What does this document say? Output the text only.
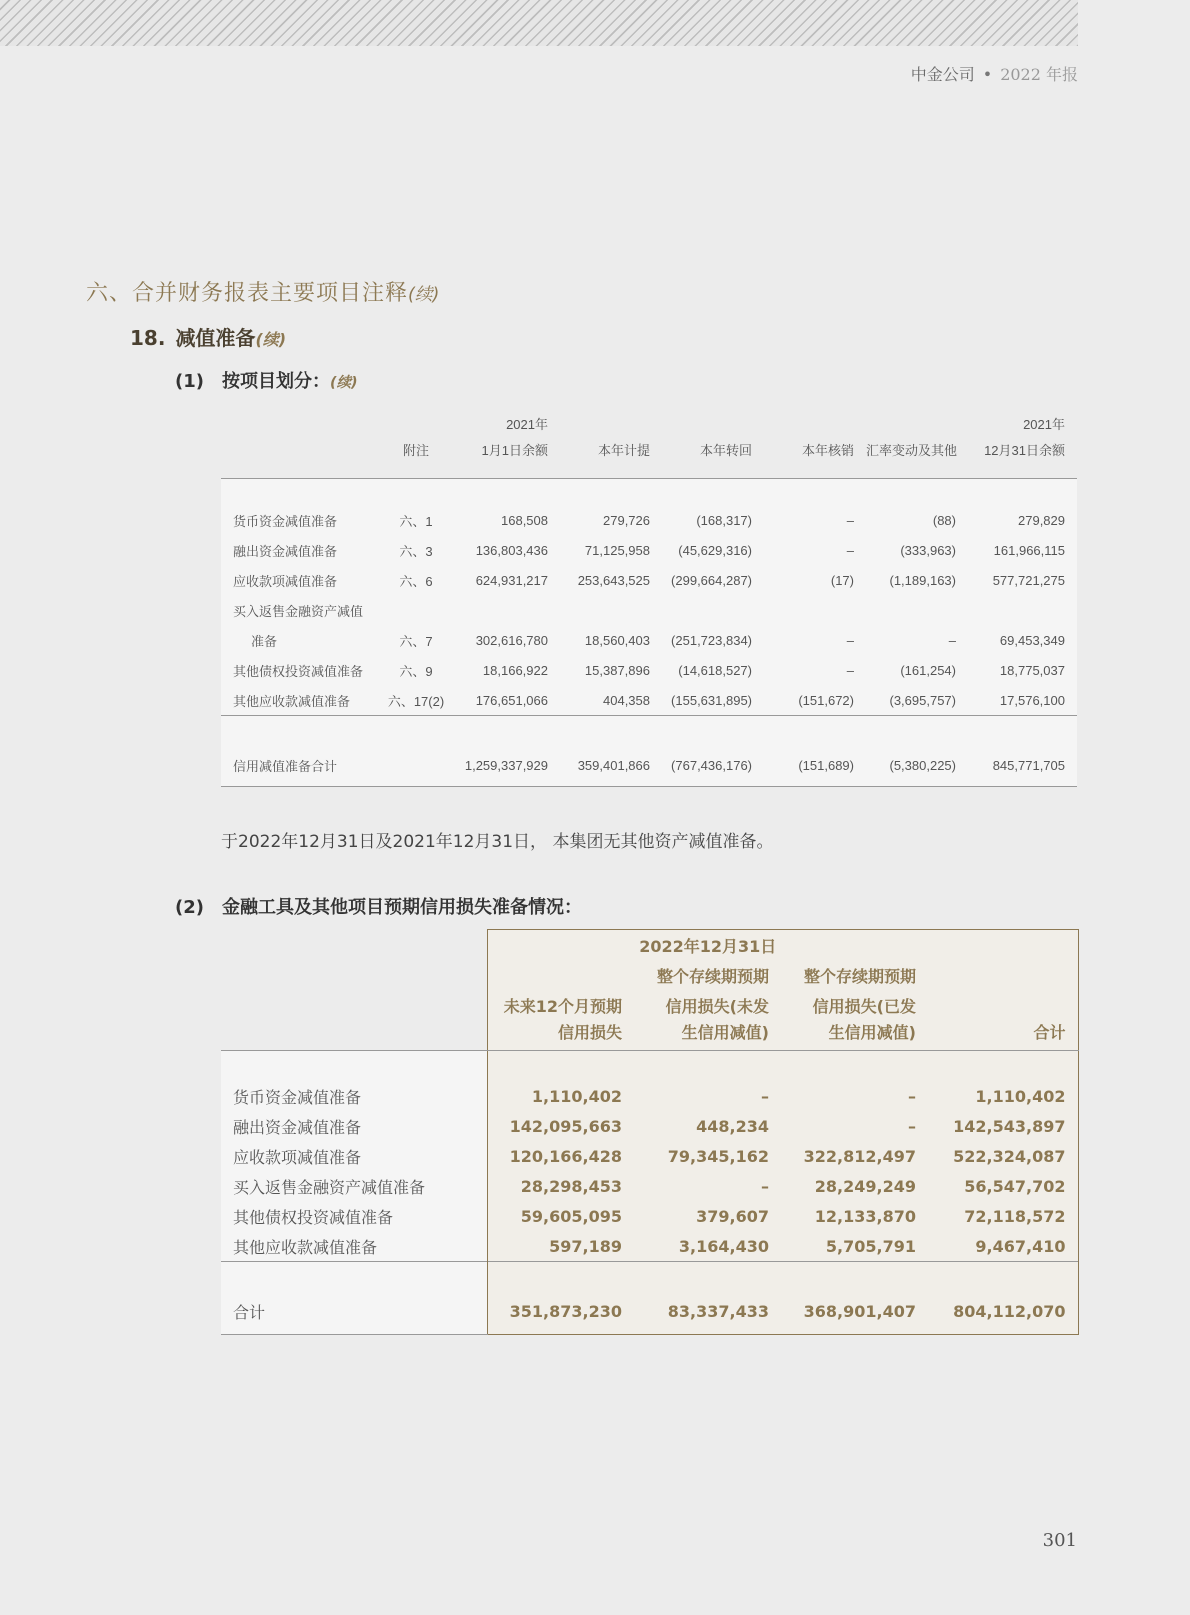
中金公司 • 2022 年报
六、合并财务报表主要项目注释(续)
18. 减值准备(续)
(1) 按项目划分：(续)
		2021年					2021年
	附注	1月1日余额	本年计提	本年转回	本年核销	汇率变动及其他	12月31日余额

货币资金减值准备	六、1	168,508	279,726	(168,317)	–	(88)	279,829
融出资金减值准备	六、3	136,803,436	71,125,958	(45,629,316)	–	(333,963)	161,966,115
应收款项减值准备	六、6	624,931,217	253,643,525	(299,664,287)	(17)	(1,189,163)	577,721,275
买入返售金融资产减值							
准备	六、7	302,616,780	18,560,403	(251,723,834)	–	–	69,453,349
其他债权投资减值准备	六、9	18,166,922	15,387,896	(14,618,527)	–	(161,254)	18,775,037
其他应收款减值准备	六、17(2)	176,651,066	404,358	(155,631,895)	(151,672)	(3,695,757)	17,576,100

信用减值准备合计		1,259,337,929	359,401,866	(767,436,176)	(151,689)	(5,380,225)	845,771,705
于2022年12月31日及2021年12月31日， 本集团无其他资产减值准备。
(2) 金融工具及其他项目预期信用损失准备情况：
	2022年12月31日			
		整个存续期预期	整个存续期预期	
	未来12个月预期	信用损失(未发	信用损失(已发	
	信用损失	生信用减值)	生信用减值)	合计

货币资金减值准备	1,110,402	–	–	1,110,402
融出资金减值准备	142,095,663	448,234	–	142,543,897
应收款项减值准备	120,166,428	79,345,162	322,812,497	522,324,087
买入返售金融资产减值准备	28,298,453	–	28,249,249	56,547,702
其他债权投资减值准备	59,605,095	379,607	12,133,870	72,118,572
其他应收款减值准备	597,189	3,164,430	5,705,791	9,467,410

合计	351,873,230	83,337,433	368,901,407	804,112,070
301
